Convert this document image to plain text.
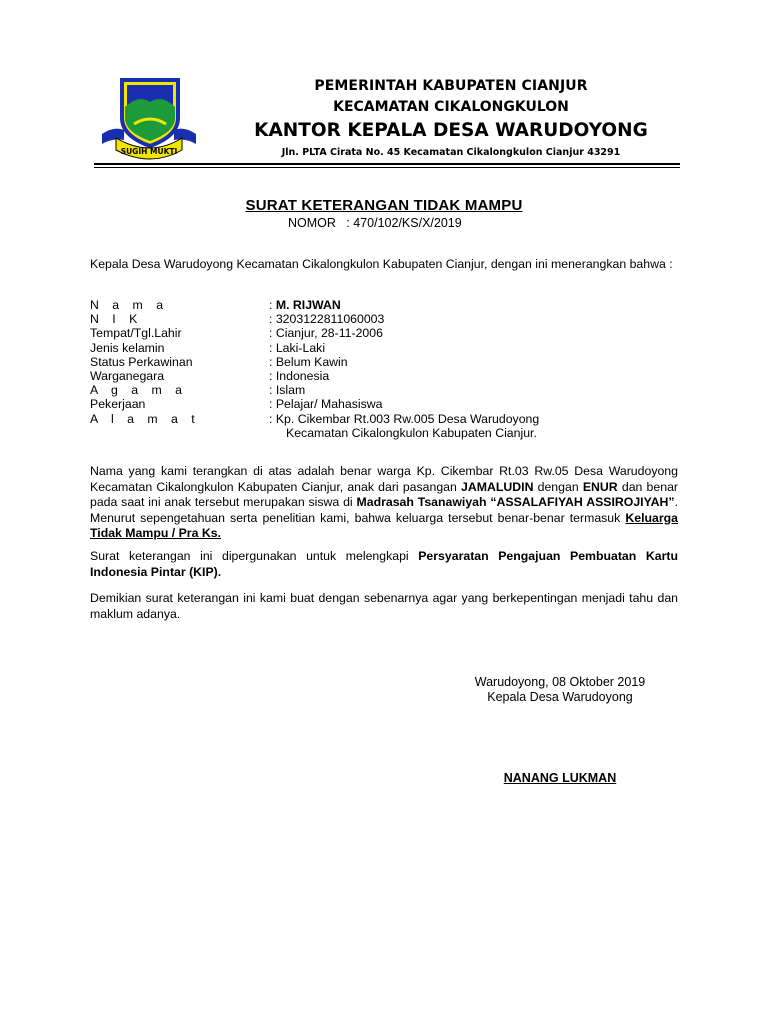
SUGIH MUKTI
PEMERINTAH KABUPATEN CIANJUR
KECAMATAN CIKALONGKULON
KANTOR KEPALA DESA WARUDOYONG
Jln. PLTA Cirata No. 45 Kecamatan Cikalongkulon Cianjur 43291
SURAT KETERANGAN TIDAK MAMPU
NOMOR   : 470/102/KS/X/2019
Kepala Desa Warudoyong Kecamatan Cikalongkulon Kabupaten Cianjur, dengan ini menerangkan bahwa :
N a m a	: M. RIJWAN
N I K	: 3203122811060003
Tempat/Tgl.Lahir	: Cianjur, 28-11-2006
Jenis kelamin	: Laki-Laki
Status Perkawinan	: Belum Kawin
Warganegara	: Indonesia
A g a m a	: Islam
Pekerjaan	: Pelajar/ Mahasiswa
A l a m a t	: Kp. Cikembar Rt.003 Rw.005 Desa Warudoyong
Kecamatan Cikalongkulon Kabupaten Cianjur.
Nama yang kami terangkan di atas adalah benar warga Kp. Cikembar Rt.03 Rw.05 Desa Warudoyong Kecamatan Cikalongkulon Kabupaten Cianjur, anak dari pasangan JAMALUDIN dengan ENUR dan benar pada saat ini anak tersebut merupakan siswa di Madrasah Tsanawiyah “ASSALAFIYAH ASSIROJIYAH”. Menurut sepengetahuan serta penelitian kami, bahwa keluarga tersebut benar-benar termasuk Keluarga Tidak Mampu / Pra Ks.
Surat keterangan ini dipergunakan untuk melengkapi Persyaratan Pengajuan Pembuatan Kartu Indonesia Pintar (KIP).
Demikian surat keterangan ini kami buat dengan sebenarnya agar yang berkepentingan menjadi tahu dan maklum adanya.
Warudoyong, 08 Oktober 2019
Kepala Desa Warudoyong
NANANG LUKMAN
